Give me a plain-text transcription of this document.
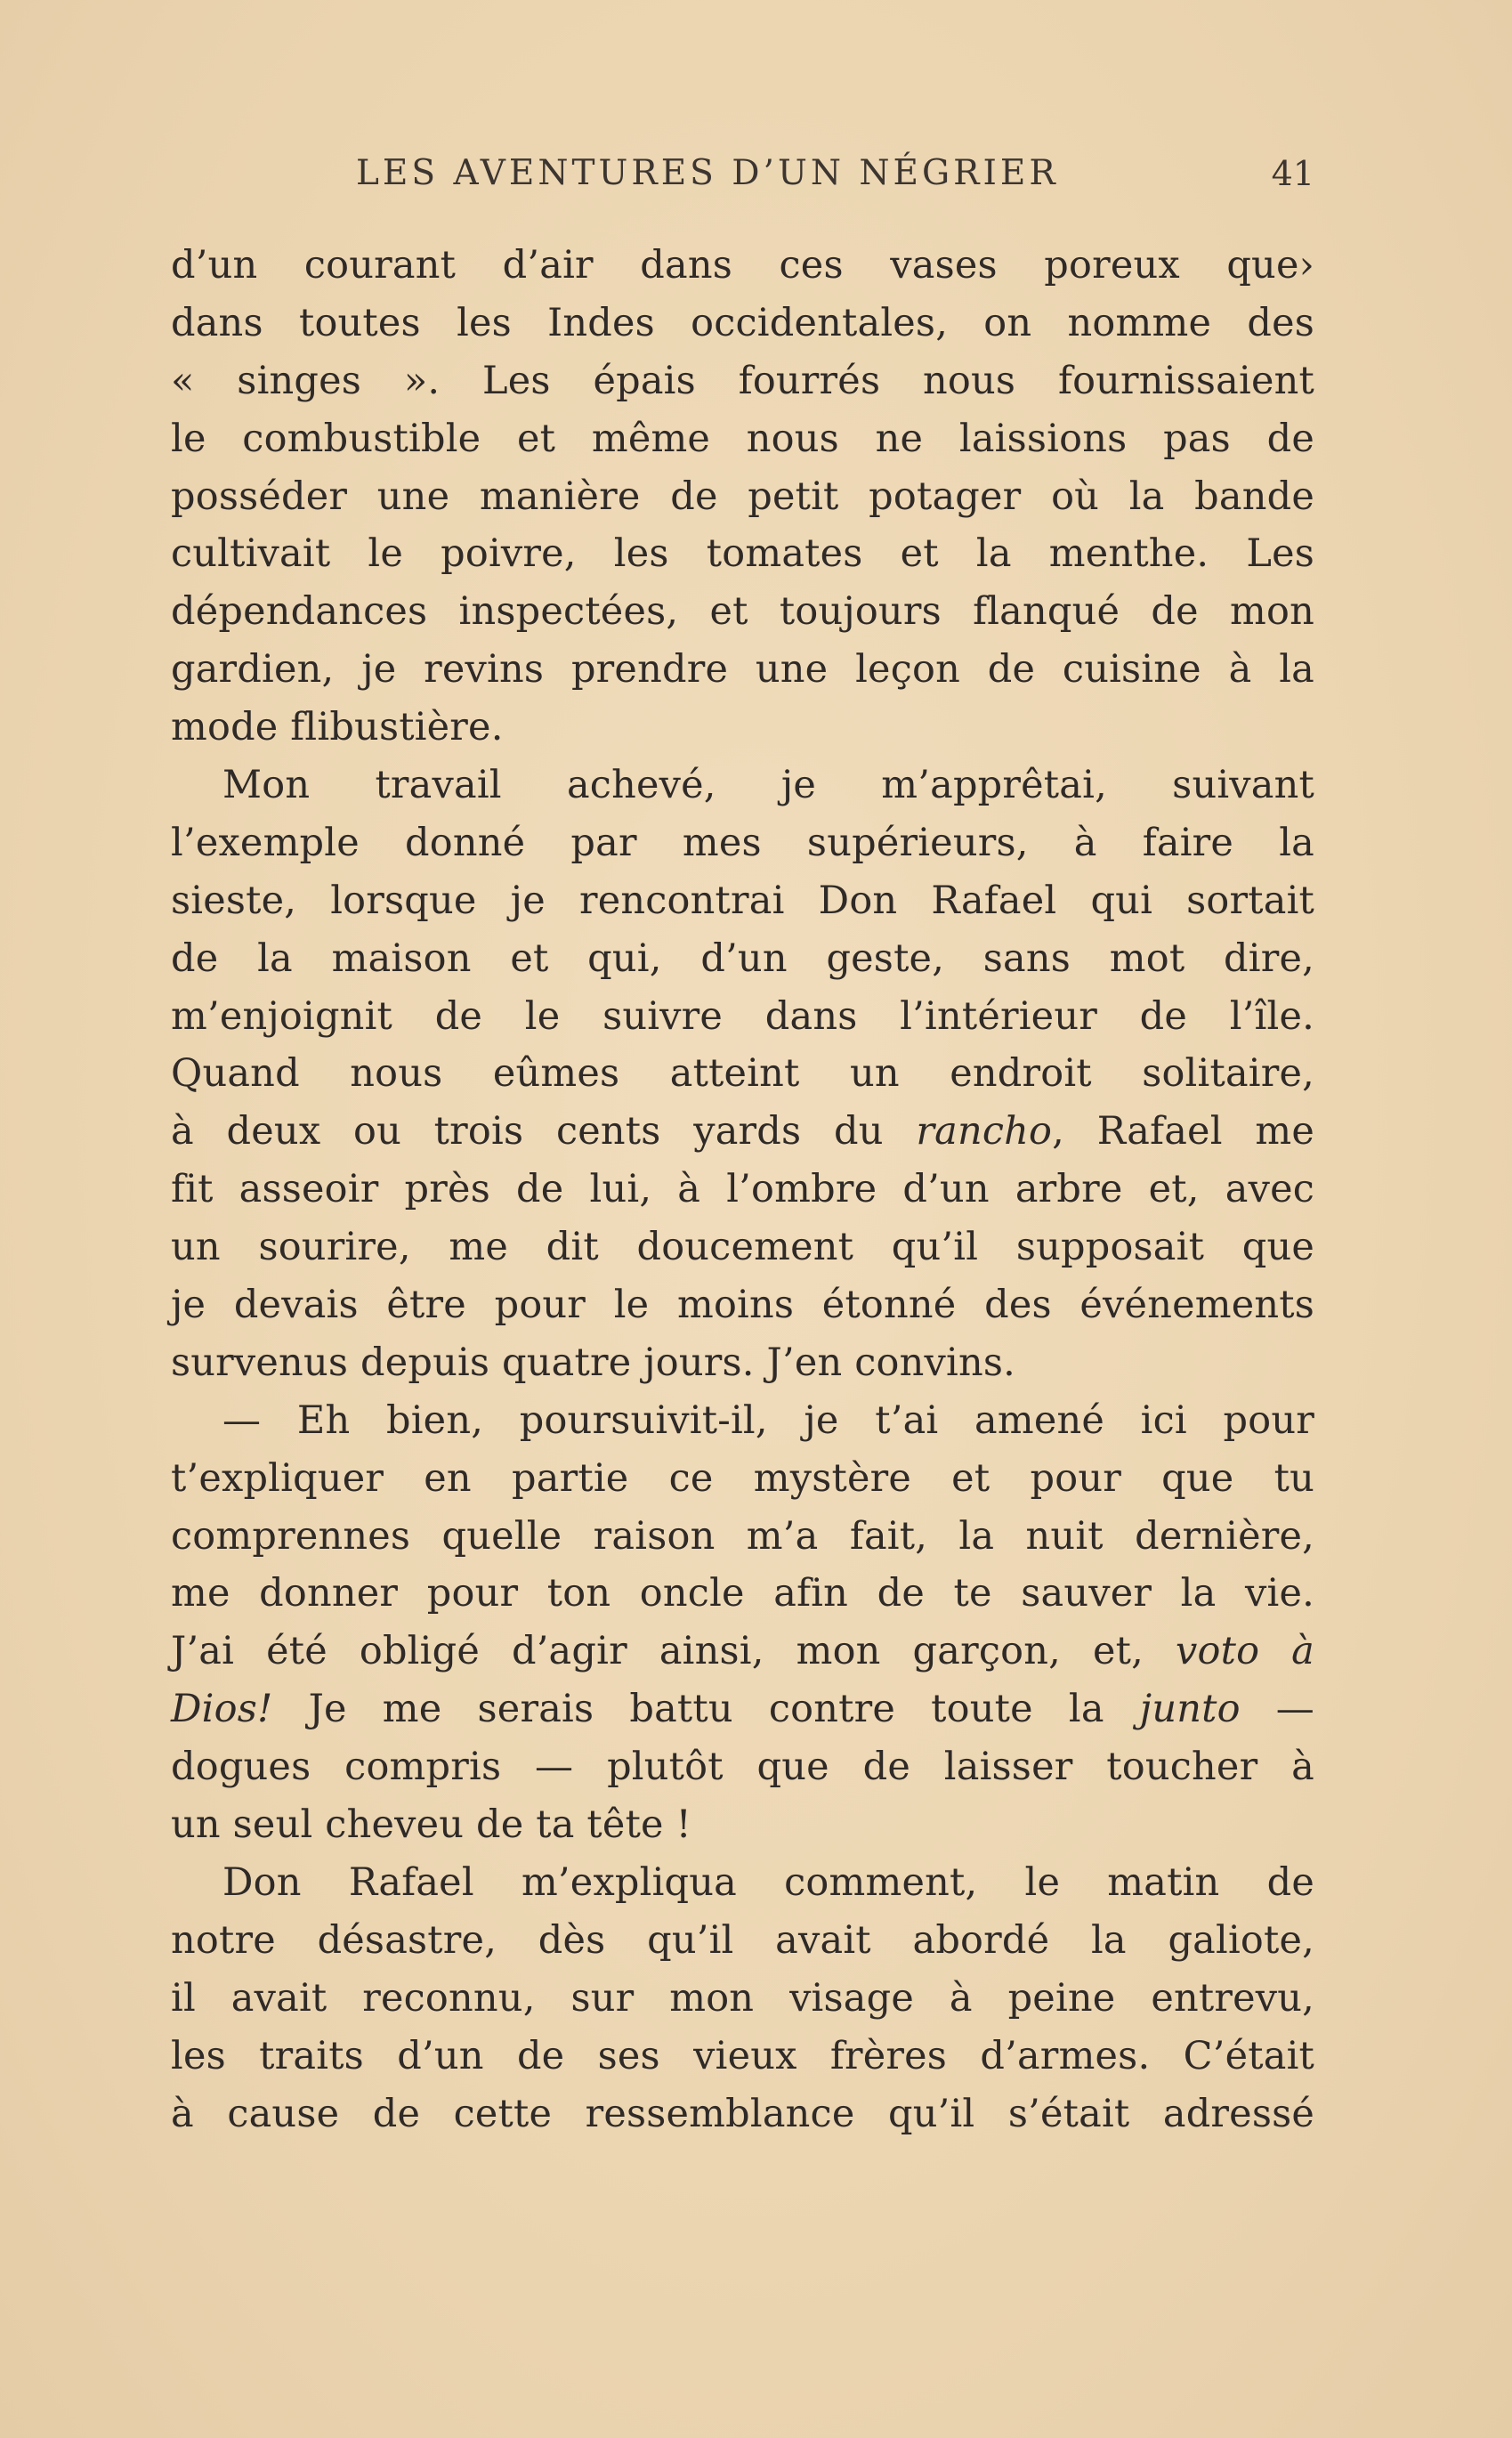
LES AVENTURES D’UN NÉGRIER	41
d’un courant d’air dans ces vases poreux que›
dans toutes les Indes occidentales, on nomme des
« singes ». Les épais fourrés nous fournissaient
le combustible et même nous ne laissions pas de
posséder une manière de petit potager où la bande
cultivait le poivre, les tomates et la menthe. Les
dépendances inspectées, et toujours flanqué de mon
gardien, je revins prendre une leçon de cuisine à la
mode flibustière.
Mon travail achevé, je m’apprêtai, suivant
l’exemple donné par mes supérieurs, à faire la
sieste, lorsque je rencontrai Don Rafael qui sortait
de la maison et qui, d’un geste, sans mot dire,
m’enjoignit de le suivre dans l’intérieur de l’île.
Quand nous eûmes atteint un endroit solitaire,
à deux ou trois cents yards du rancho, Rafael me
fit asseoir près de lui, à l’ombre d’un arbre et, avec
un sourire, me dit doucement qu’il supposait que
je devais être pour le moins étonné des événements
survenus depuis quatre jours. J’en convins.
— Eh bien, poursuivit-il, je t’ai amené ici pour
t’expliquer en partie ce mystère et pour que tu
comprennes quelle raison m’a fait, la nuit dernière,
me donner pour ton oncle afin de te sauver la vie.
J’ai été obligé d’agir ainsi, mon garçon, et, voto à
Dios! Je me serais battu contre toute la junto —
dogues compris — plutôt que de laisser toucher à
un seul cheveu de ta tête !
Don Rafael m’expliqua comment, le matin de
notre désastre, dès qu’il avait abordé la galiote,
il avait reconnu, sur mon visage à peine entrevu,
les traits d’un de ses vieux frères d’armes. C’était
à cause de cette ressemblance qu’il s’était adressé
